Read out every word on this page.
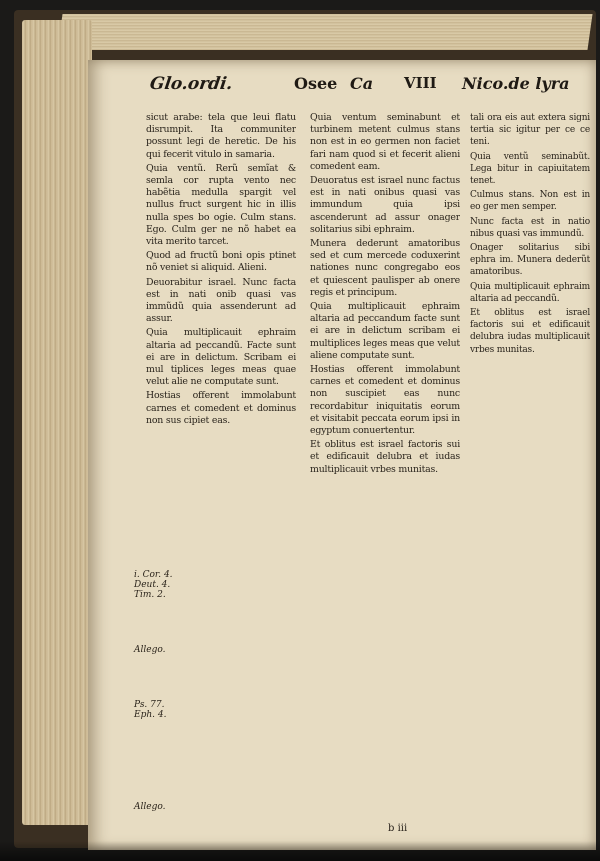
Glo.ordi.	Osee Ca VIII Nico.de lyra

sicut arabe: tela que leui flatu disrumpit. Ita communiter possunt legi de heretic. De his qui fecerit vitulo in samaria.

Quia ventũ. Rerũ semĩat & semla cor rupta vento nec habẽtia medulla spargit vel nullus fruct surgent hic in illis nulla spes bo ogie. Culm stans. Ego. Culm ger ne nõ habet ea vita merito tarcet.

Quod ad fructũ boni opis ptinet nõ veniet si aliquid. Alieni.

Deuorabitur israel. Nunc facta est in nati onib quasi vas immũdũ quia assenderunt ad assur.

Quia multiplicauit ephraim altaria ad peccandũ. Facte sunt ei are in delictum. Scribam ei mul tiplices leges meas quae velut alie ne computate sunt.

Hostias offerent immolabunt carnes et comedent et dominus non sus cipiet eas.

Quia ventum seminabunt et turbinem metent culmus stans non est in eo germen non faciet fari nam quod si et fecerit alieni comedent eam.

Deuoratus est israel nunc factus est in nati onibus quasi vas immundum quia ipsi ascenderunt ad assur onager solitarius sibi ephraim.

Munera dederunt amatoribus sed et cum mercede coduxerint nationes nunc congregabo eos et quiescent paulisper ab onere regis et principum.

Quia multiplicauit ephraim altaria ad peccandum facte sunt ei are in delictum scribam ei multiplices leges meas que velut aliene computate sunt.

Hostias offerent immolabunt carnes et comedent et dominus non suscipiet eas nunc recordabitur iniquitatis eorum et visitabit peccata eorum ipsi in egyptum conuertentur.

Et oblitus est israel factoris sui et edificauit delubra et iudas multiplicauit vrbes munitas.

tali ora eis aut extera signi tertia sic igitur per ce ce teni.

Quia ventũ seminabũt. Lega bitur in capiuitatem tenet.

Culmus stans. Non est in eo ger men semper.

Nunc facta est in natio nibus quasi vas immundũ.

Onager solitarius sibi ephra im. Munera dederũt amatoribus.

Quia multiplicauit ephraim altaria ad peccandũ.

Et oblitus est israel factoris sui et edificauit delubra iudas multiplicauit vrbes munitas.

i. Cor. 4. Deut. 4. Tim. 2.
Allego.
Ps. 77. Eph. 4.
Allego.
b iii
